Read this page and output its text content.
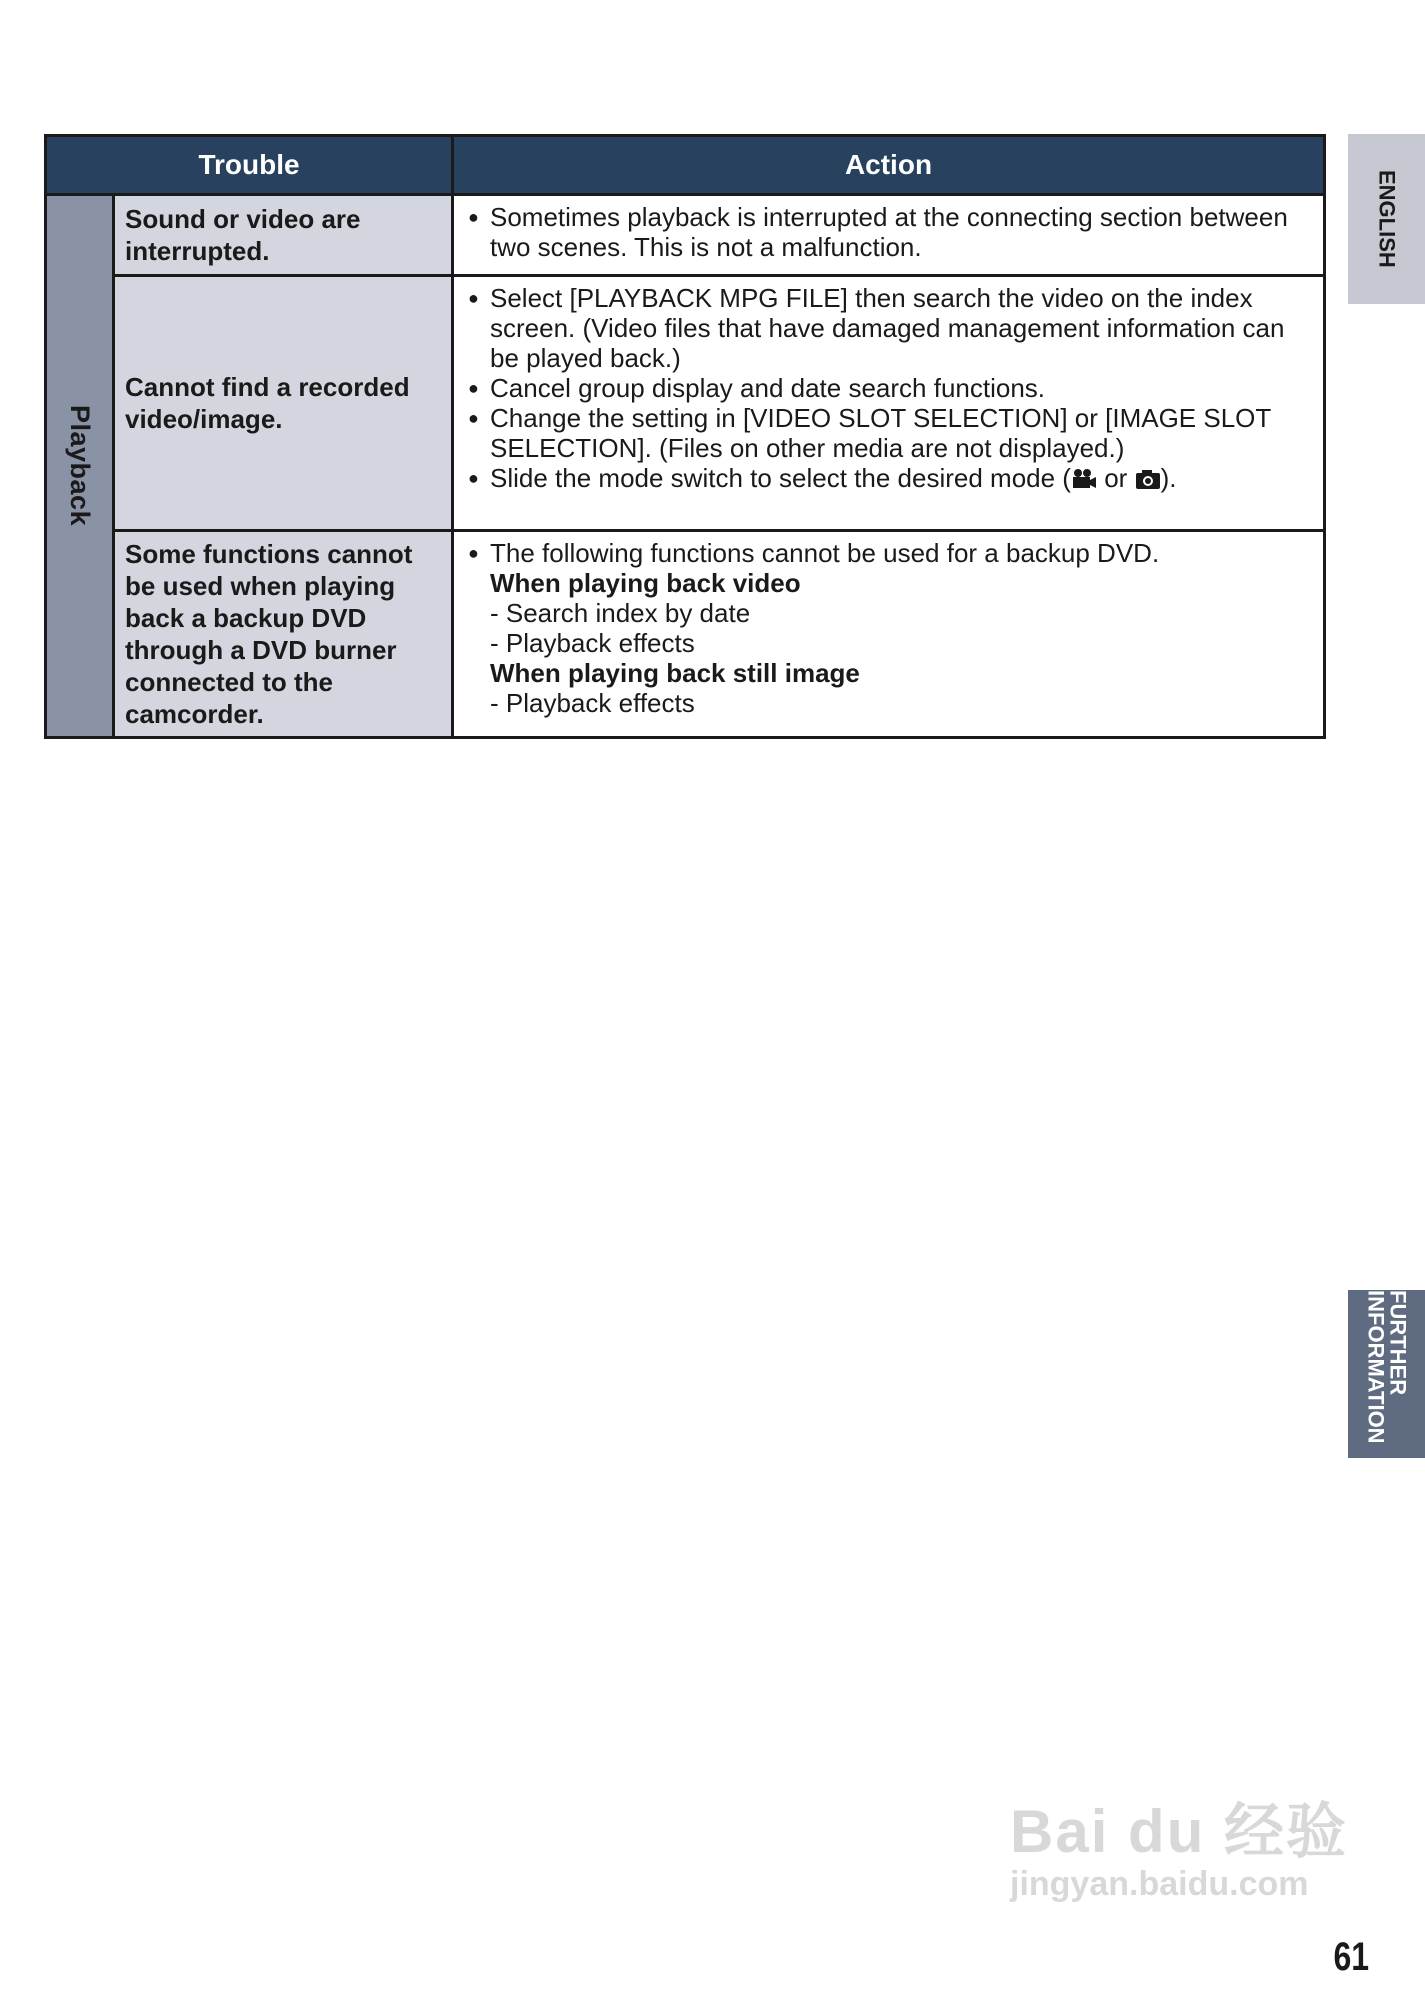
Trouble	Action
Playback
Sound or video are interrupted.
● Sometimes playback is interrupted at the connecting section between two scenes. This is not a malfunction.
Cannot find a recorded video/image.
● Select [PLAYBACK MPG FILE] then search the video on the index screen. (Video files that have damaged management information can be played back.)
● Cancel group display and date search functions.
● Change the setting in [VIDEO SLOT SELECTION] or [IMAGE SLOT SELECTION]. (Files on other media are not displayed.)
● Slide the mode switch to select the desired mode ( or ).
Some functions cannot be used when playing back a backup DVD through a DVD burner connected to the camcorder.
● The following functions cannot be used for a backup DVD.
When playing back video
- Search index by date
- Playback effects
When playing back still image
- Playback effects
ENGLISH
FURTHER INFORMATION
Bai du 经验
jingyan.baidu.com
61
